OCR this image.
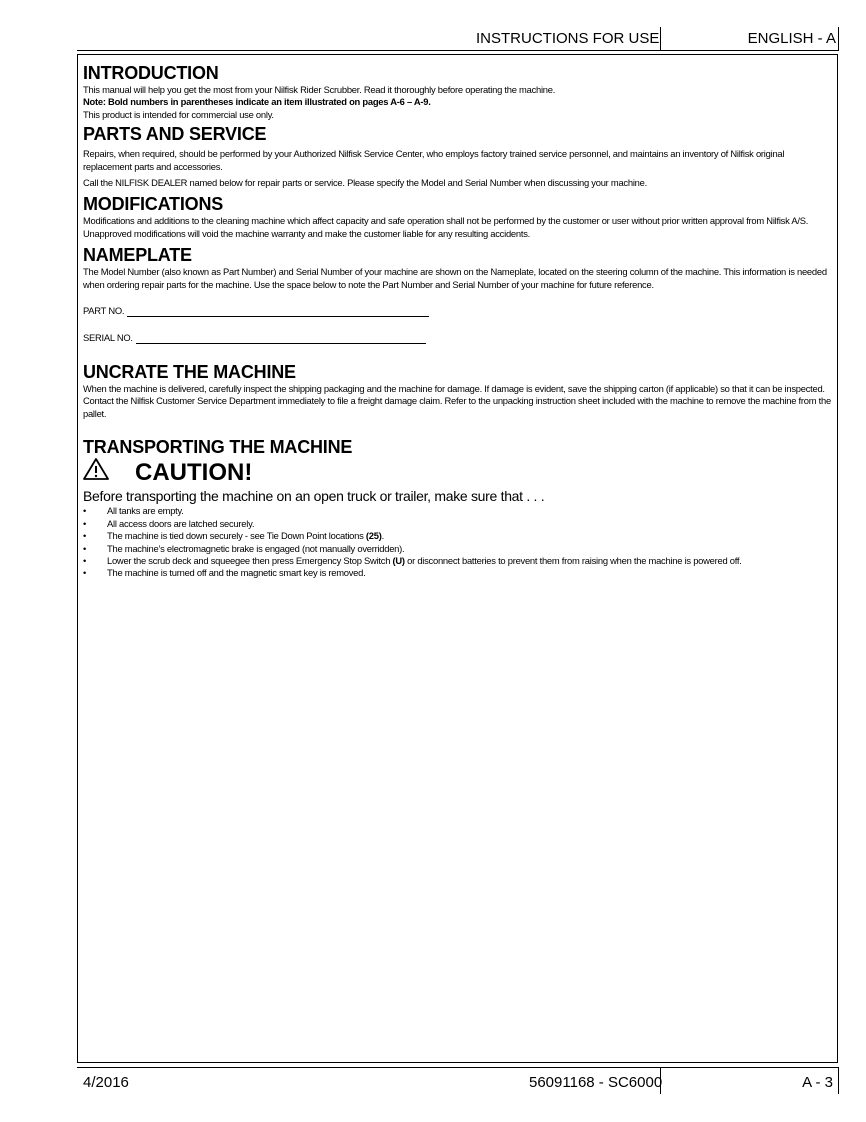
INSTRUCTIONS FOR USE	ENGLISH - A
INTRODUCTION

This manual will help you get the most from your Nilfisk Rider Scrubber. Read it thoroughly before operating the machine.

Note: Bold numbers in parentheses indicate an item illustrated on pages A-6 – A-9.

This product is intended for commercial use only.

PARTS AND SERVICE

Repairs, when required, should be performed by your Authorized Nilfisk Service Center, who employs factory trained service personnel, and maintains an inventory of Nilfisk original replacement parts and accessories.

Call the NILFISK DEALER named below for repair parts or service. Please specify the Model and Serial Number when discussing your machine.

MODIFICATIONS

Modifications and additions to the cleaning machine which affect capacity and safe operation shall not be performed by the customer or user without prior written approval from Nilfisk A/S. Unapproved modifications will void the machine warranty and make the customer liable for any resulting accidents.

NAMEPLATE

The Model Number (also known as Part Number) and Serial Number of your machine are shown on the Nameplate, located on the steering column of the machine. This information is needed when ordering repair parts for the machine. Use the space below to note the Part Number and Serial Number of your machine for future reference.

PART NO.
SERIAL NO.
UNCRATE THE MACHINE

When the machine is delivered, carefully inspect the shipping packaging and the machine for damage. If damage is evident, save the shipping carton (if applicable) so that it can be inspected. Contact the Nilfisk Customer Service Department immediately to file a freight damage claim. Refer to the unpacking instruction sheet included with the machine to remove the machine from the pallet.

TRANSPORTING THE MACHINE
CAUTION!

Before transporting the machine on an open truck or trailer, make sure that . . .

• All tanks are empty.
• All access doors are latched securely.
• The machine is tied down securely - see Tie Down Point locations (25).
• The machine’s electromagnetic brake is engaged (not manually overridden).
• Lower the scrub deck and squeegee then press Emergency Stop Switch (U) or disconnect batteries to prevent them from raising when the machine is powered off.
• The machine is turned off and the magnetic smart key is removed.
4/2016	56091168 - SC6000	A - 3
